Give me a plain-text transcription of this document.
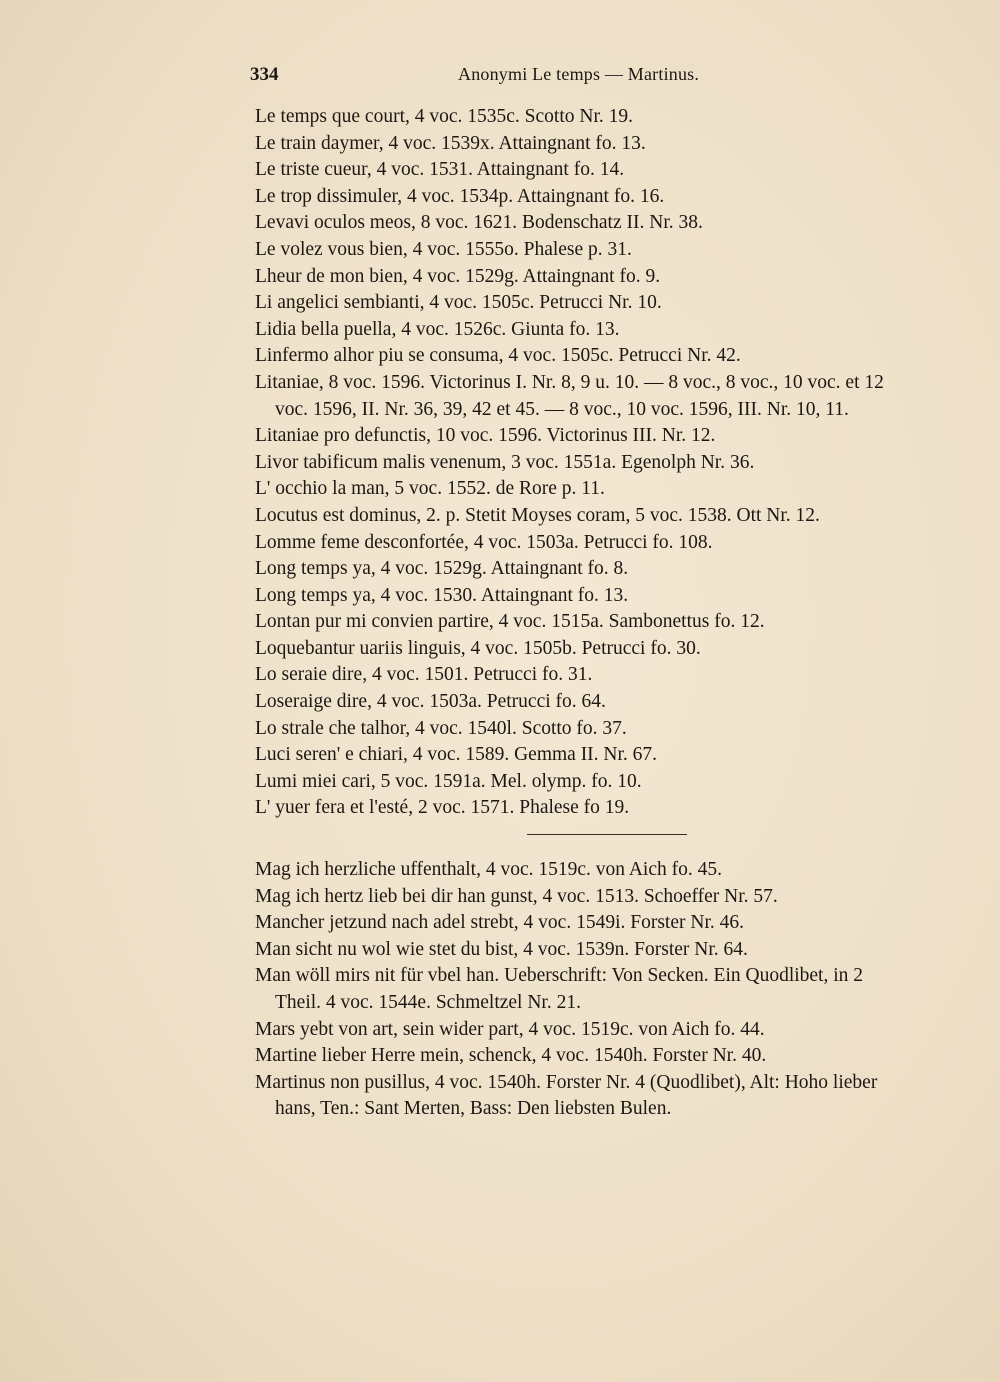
334	Anonymi Le temps — Martinus.
Le temps que court, 4 voc. 1535c. Scotto Nr. 19.
Le train daymer, 4 voc. 1539x. Attaingnant fo. 13.
Le triste cueur, 4 voc. 1531. Attaingnant fo. 14.
Le trop dissimuler, 4 voc. 1534p. Attaingnant fo. 16.
Levavi oculos meos, 8 voc. 1621. Bodenschatz II. Nr. 38.
Le volez vous bien, 4 voc. 1555o. Phalese p. 31.
Lheur de mon bien, 4 voc. 1529g. Attaingnant fo. 9.
Li angelici sembianti, 4 voc. 1505c. Petrucci Nr. 10.
Lidia bella puella, 4 voc. 1526c. Giunta fo. 13.
Linfermo alhor piu se consuma, 4 voc. 1505c. Petrucci Nr. 42.
Litaniae, 8 voc. 1596. Victorinus I. Nr. 8, 9 u. 10. — 8 voc., 8 voc., 10 voc. et 12 voc. 1596, II. Nr. 36, 39, 42 et 45. — 8 voc., 10 voc. 1596, III. Nr. 10, 11.
Litaniae pro defunctis, 10 voc. 1596. Victorinus III. Nr. 12.
Livor tabificum malis venenum, 3 voc. 1551a. Egenolph Nr. 36.
L' occhio la man, 5 voc. 1552. de Rore p. 11.
Locutus est dominus, 2. p. Stetit Moyses coram, 5 voc. 1538. Ott Nr. 12.
Lomme feme desconfortée, 4 voc. 1503a. Petrucci fo. 108.
Long temps ya, 4 voc. 1529g. Attaingnant fo. 8.
Long temps ya, 4 voc. 1530. Attaingnant fo. 13.
Lontan pur mi convien partire, 4 voc. 1515a. Sambonettus fo. 12.
Loquebantur uariis linguis, 4 voc. 1505b. Petrucci fo. 30.
Lo seraie dire, 4 voc. 1501. Petrucci fo. 31.
Loseraige dire, 4 voc. 1503a. Petrucci fo. 64.
Lo strale che talhor, 4 voc. 1540l. Scotto fo. 37.
Luci seren' e chiari, 4 voc. 1589. Gemma II. Nr. 67.
Lumi miei cari, 5 voc. 1591a. Mel. olymp. fo. 10.
L' yuer fera et l'esté, 2 voc. 1571. Phalese fo 19.
Mag ich herzliche uffenthalt, 4 voc. 1519c. von Aich fo. 45.
Mag ich hertz lieb bei dir han gunst, 4 voc. 1513. Schoeffer Nr. 57.
Mancher jetzund nach adel strebt, 4 voc. 1549i. Forster Nr. 46.
Man sicht nu wol wie stet du bist, 4 voc. 1539n. Forster Nr. 64.
Man wöll mirs nit für vbel han. Ueberschrift: Von Secken. Ein Quodlibet, in 2 Theil. 4 voc. 1544e. Schmeltzel Nr. 21.
Mars yebt von art, sein wider part, 4 voc. 1519c. von Aich fo. 44.
Martine lieber Herre mein, schenck, 4 voc. 1540h. Forster Nr. 40.
Martinus non pusillus, 4 voc. 1540h. Forster Nr. 4 (Quodlibet), Alt: Hoho lieber hans, Ten.: Sant Merten, Bass: Den liebsten Bulen.
